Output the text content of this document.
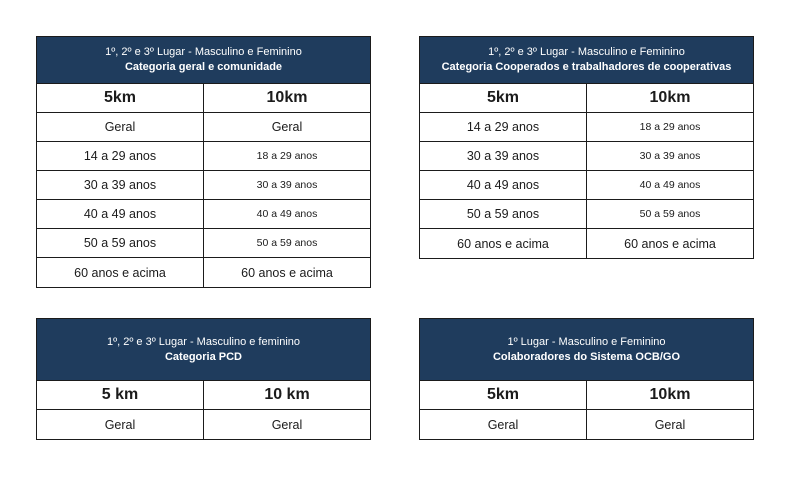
1º, 2º e 3º Lugar - Masculino e Feminino
Categoria geral e comunidade
5km	10km
Geral	Geral
14 a 29 anos	18 a 29 anos
30 a 39 anos	30 a 39 anos
40 a 49 anos	40 a 49 anos
50 a 59 anos	50 a 59 anos
60 anos e acima	60 anos e acima
1º, 2º e 3º Lugar - Masculino e Feminino
Categoria Cooperados e trabalhadores de cooperativas
5km	10km
14 a 29 anos	18 a 29 anos
30 a 39 anos	30 a 39 anos
40 a 49 anos	40 a 49 anos
50 a 59 anos	50 a 59 anos
60 anos e acima	60 anos e acima
1º, 2º e 3º Lugar - Masculino e feminino
Categoria PCD
5 km	10 km
Geral	Geral
1º Lugar - Masculino e Feminino
Colaboradores do Sistema OCB/GO
5km	10km
Geral	Geral
